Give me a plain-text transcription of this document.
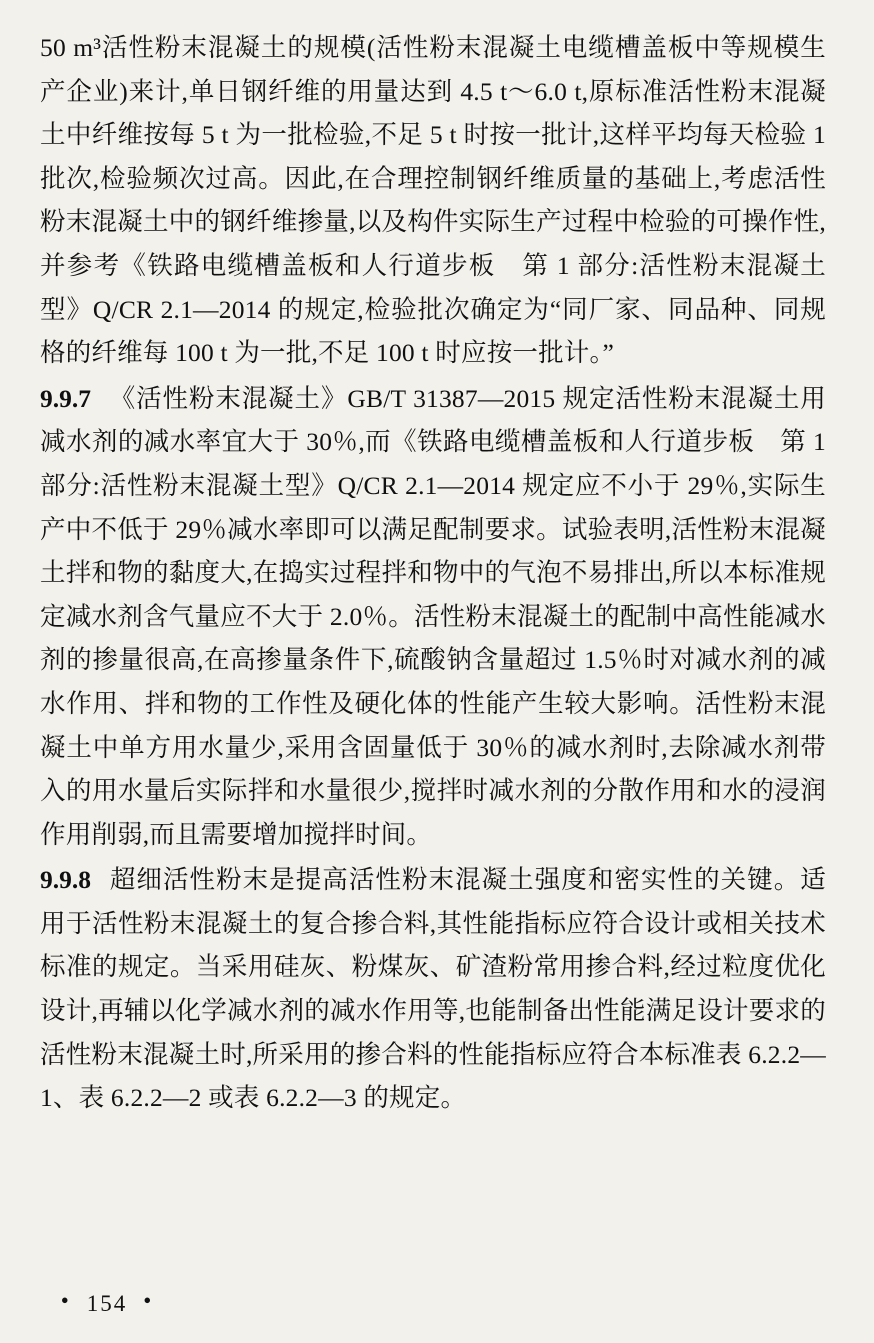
50 m³活性粉末混凝土的规模(活性粉末混凝土电缆槽盖板中等规模生产企业)来计,单日钢纤维的用量达到 4.5 t～6.0 t,原标准活性粉末混凝土中纤维按每 5 t 为一批检验,不足 5 t 时按一批计,这样平均每天检验 1 批次,检验频次过高。因此,在合理控制钢纤维质量的基础上,考虑活性粉末混凝土中的钢纤维掺量,以及构件实际生产过程中检验的可操作性,并参考《铁路电缆槽盖板和人行道步板　第 1 部分:活性粉末混凝土型》Q/CR 2.1—2014 的规定,检验批次确定为“同厂家、同品种、同规格的纤维每 100 t 为一批,不足 100 t 时应按一批计。”

9.9.7 《活性粉末混凝土》GB/T 31387—2015 规定活性粉末混凝土用减水剂的减水率宜大于 30％,而《铁路电缆槽盖板和人行道步板　第 1 部分:活性粉末混凝土型》Q/CR 2.1—2014 规定应不小于 29％,实际生产中不低于 29％减水率即可以满足配制要求。试验表明,活性粉末混凝土拌和物的黏度大,在捣实过程拌和物中的气泡不易排出,所以本标准规定减水剂含气量应不大于 2.0％。活性粉末混凝土的配制中高性能减水剂的掺量很高,在高掺量条件下,硫酸钠含量超过 1.5％时对减水剂的减水作用、拌和物的工作性及硬化体的性能产生较大影响。活性粉末混凝土中单方用水量少,采用含固量低于 30％的减水剂时,去除减水剂带入的用水量后实际拌和水量很少,搅拌时减水剂的分散作用和水的浸润作用削弱,而且需要增加搅拌时间。

9.9.8 超细活性粉末是提高活性粉末混凝土强度和密实性的关键。适用于活性粉末混凝土的复合掺合料,其性能指标应符合设计或相关技术标准的规定。当采用硅灰、粉煤灰、矿渣粉常用掺合料,经过粒度优化设计,再辅以化学减水剂的减水作用等,也能制备出性能满足设计要求的活性粉末混凝土时,所采用的掺合料的性能指标应符合本标准表 6.2.2—1、表 6.2.2—2 或表 6.2.2—3 的规定。

• 154 •
